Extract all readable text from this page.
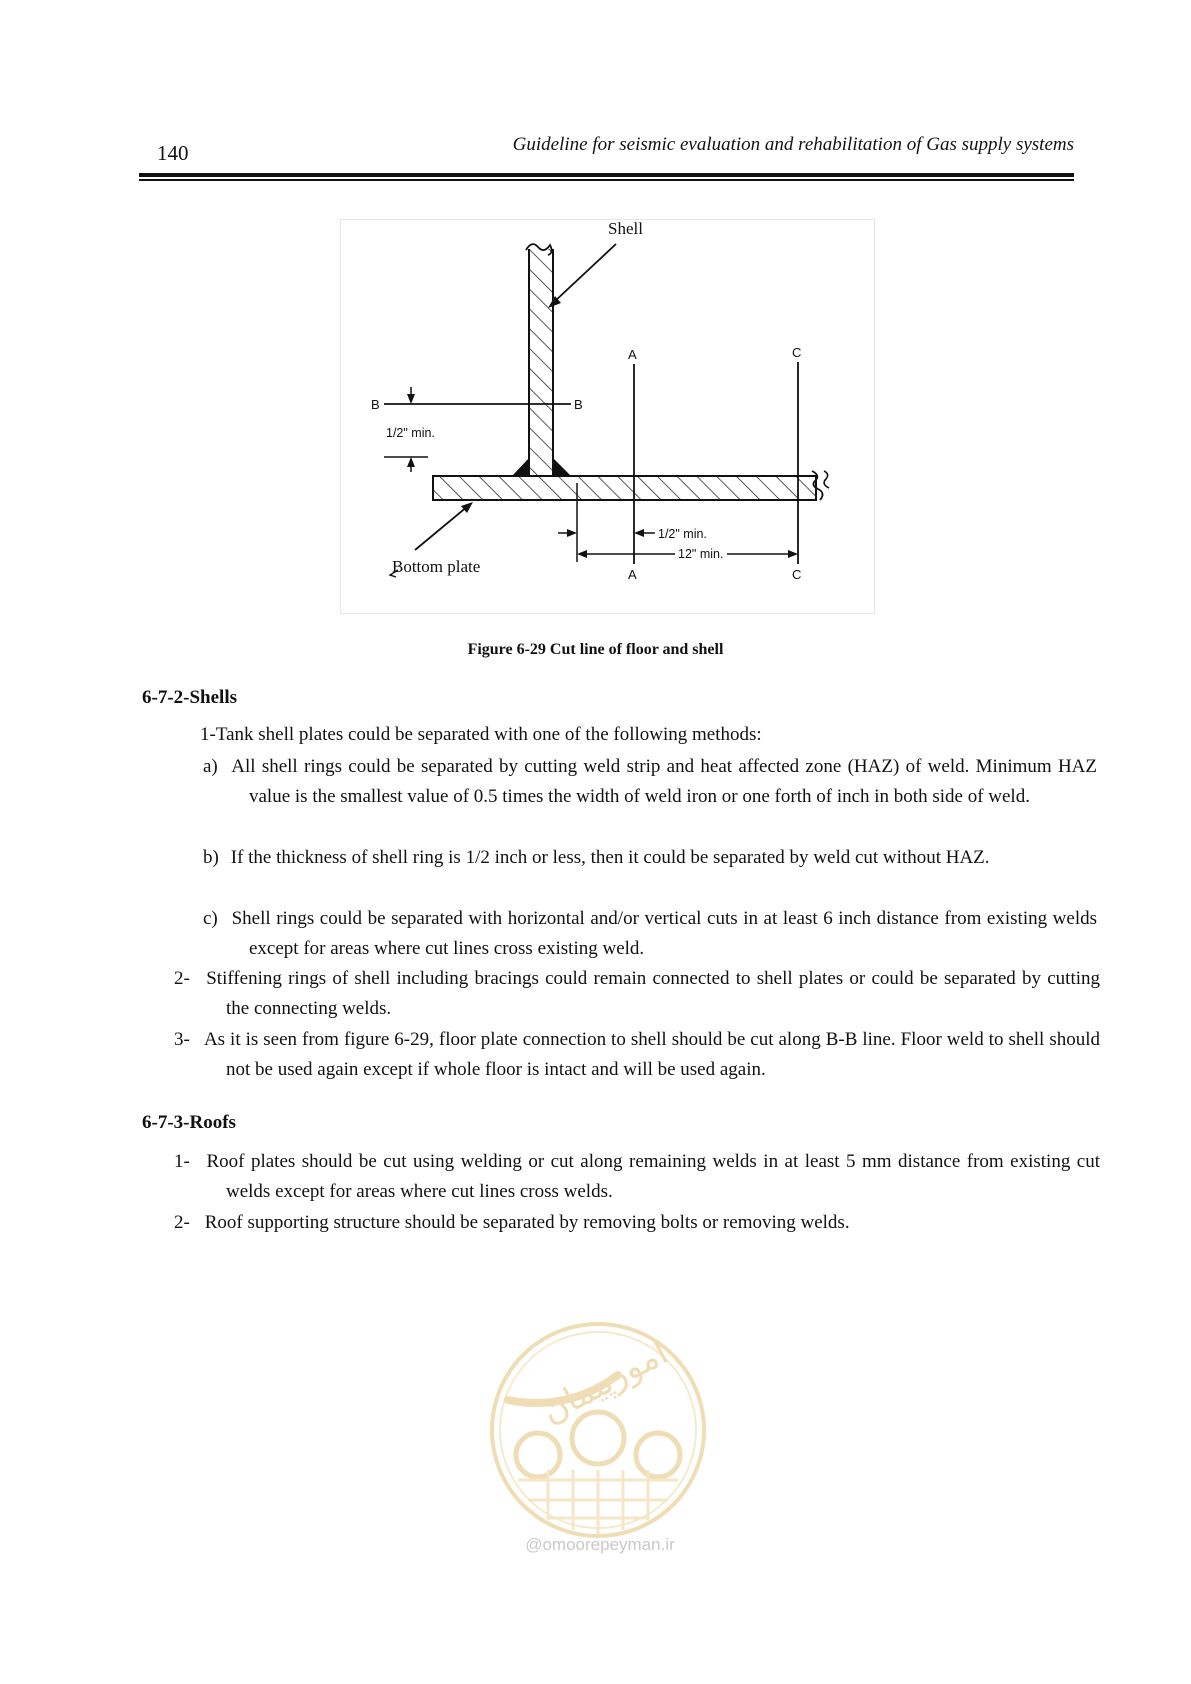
140	Guideline for seismic evaluation and rehabilitation of Gas supply systems
B	B
A
A
C
C
1/2" min.
1/2" min.
12" min.
Shell
Bottom plate
Figure 6-29 Cut line of floor and shell
6-7-2-Shells
1-Tank shell plates could be separated with one of the following methods:
a) All shell rings could be separated by cutting weld strip and heat affected zone (HAZ) of weld. Minimum HAZ value is the smallest value of 0.5 times the width of weld iron or one forth of inch in both side of weld.
b) If the thickness of shell ring is 1/2 inch or less, then it could be separated by weld cut without HAZ.
c) Shell rings could be separated with horizontal and/or vertical cuts in at least 6 inch distance from existing welds except for areas where cut lines cross existing weld.
2- Stiffening rings of shell including bracings could remain connected to shell plates or could be separated by cutting the connecting welds.
3- As it is seen from figure 6-29, floor plate connection to shell should be cut along B-B line. Floor weld to shell should not be used again except if whole floor is intact and will be used again.
6-7-3-Roofs
1- Roof plates should be cut using welding or cut along remaining welds in at least 5 mm distance from existing cut welds except for areas where cut lines cross welds.
2- Roof supporting structure should be separated by removing bolts or removing welds.
امورپیمان
@omoorepeyman.ir
